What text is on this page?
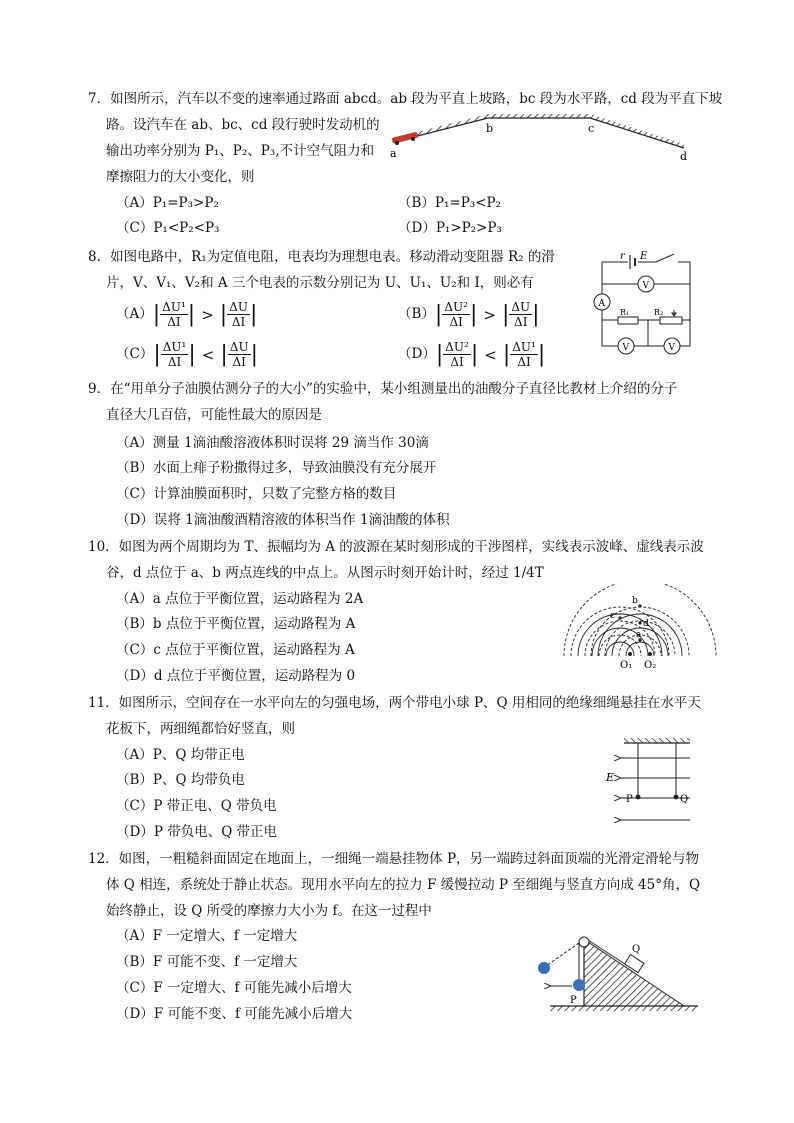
7．如图所示，汽车以不变的速率通过路面 abcd。ab 段为平直上坡路，bc 段为水平路，cd 段为平直下坡
路。设汽车在 ab、bc、cd 段行驶时发动机的
输出功率分别为 P₁、P₂、P₃,不计空气阻力和
摩擦阻力的大小变化，则
（A）P₁=P₃>P₂	（B）P₁=P₃<P₂
（C）P₁<P₂<P₃	（D）P₁>P₂>P₃
a
b	c
d
8．如图电路中，R₁为定值电阻，电表均为理想电表。移动滑动变阻器 R₂ 的滑
片，V、V₁、V₂和 A 三个电表的示数分别记为 U、U₁、U₂和 I，则必有
$(A)| \frac{\text{ΔU¹}}{\Delta I}$ | > | $\frac{\Delta U}{\Delta I}$ |	$(B)| \frac{\text{ΔU²}}{\Delta I}$ | > | $\frac{\Delta U}{\Delta I}$ |
$(C)| \frac{\text{ΔU¹}}{\Delta I}$ | < | $\frac{\Delta U}{\Delta I}$ |	$(D)| \frac{\text{ΔU²}}{\Delta I}$ | < | $\frac{\text{ΔU¹}}{\Delta I}$ |
r E
V
A
R₁	R₂
V	V
9．在“用单分子油膜估测分子的大小”的实验中，某小组测量出的油酸分子直径比教材上介绍的分子
直径大几百倍，可能性最大的原因是
（A）测量 1滴油酸溶液体积时误将 29 滴当作 30滴
（B）水面上痱子粉撒得过多，导致油膜没有充分展开
（C）计算油膜面积时，只数了完整方格的数目
（D）误将 1滴油酸酒精溶液的体积当作 1滴油酸的体积
10．如图为两个周期均为 T、振幅均为 A 的波源在某时刻形成的干涉图样，实线表示波峰、虚线表示波
谷，d 点位于 a、b 两点连线的中点上。从图示时刻开始计时，经过 1/4T
（A）a 点位于平衡位置，运动路程为 2A
（B）b 点位于平衡位置，运动路程为 A
（C）c 点位于平衡位置，运动路程为 A
（D）d 点位于平衡位置，运动路程为 0
O₁ O₂
a
b
c
d
11．如图所示，空间存在一水平向左的匀强电场，两个带电小球 P、Q 用相同的绝缘细绳悬挂在水平天
花板下，两细绳都恰好竖直，则
（A）P、Q 均带正电
（B）P、Q 均带负电
（C）P 带正电、Q 带负电
（D）P 带负电、Q 带正电
E
P	Q
12．如图，一粗糙斜面固定在地面上，一细绳一端悬挂物体 P，另一端跨过斜面顶端的光滑定滑轮与物
体 Q 相连，系统处于静止状态。现用水平向左的拉力 F 缓慢拉动 P 至细绳与竖直方向成 45°角，Q
始终静止，设 Q 所受的摩擦力大小为 f。在这一过程中
（A）F 一定增大、f 一定增大
（B）F 可能不变、f 一定增大
（C）F 一定增大、f 可能先减小后增大
（D）F 可能不变、f 可能先减小后增大
Q
P
